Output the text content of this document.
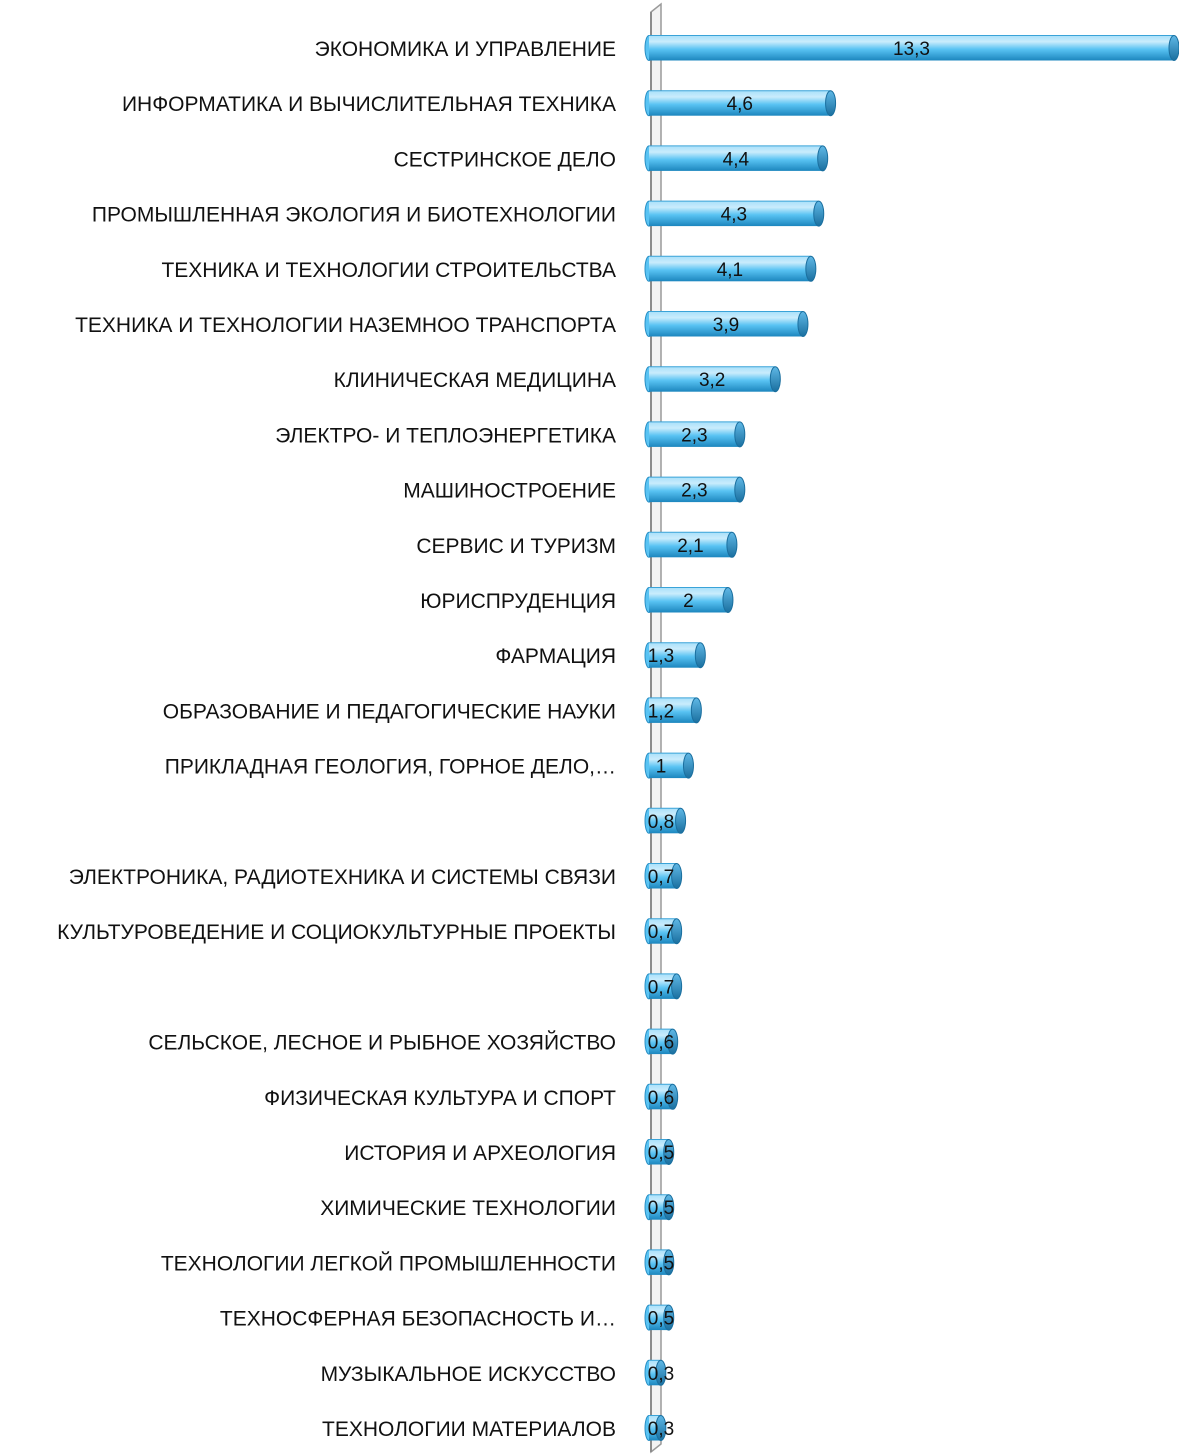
13,3
4,6
4,4
4,3
4,1
3,9
3,2
2,3
2,3
2,1
2
1,3
1,2
1
0,8
0,7
0,7
0,7
0,6
0,6
0,5
0,5
0,5
0,5
0,3
0,3
ЭКОНОМИКА И УПРАВЛЕНИЕ
ИНФОРМАТИКА И ВЫЧИСЛИТЕЛЬНАЯ ТЕХНИКА
СЕСТРИНСКОЕ ДЕЛО
ПРОМЫШЛЕННАЯ ЭКОЛОГИЯ И БИОТЕХНОЛОГИИ
ТЕХНИКА И ТЕХНОЛОГИИ СТРОИТЕЛЬСТВА
ТЕХНИКА И ТЕХНОЛОГИИ НАЗЕМНОО ТРАНСПОРТА
КЛИНИЧЕСКАЯ МЕДИЦИНА
ЭЛЕКТРО- И ТЕПЛОЭНЕРГЕТИКА
МАШИНОСТРОЕНИЕ
СЕРВИС И ТУРИЗМ
ЮРИСПРУДЕНЦИЯ
ФАРМАЦИЯ
ОБРАЗОВАНИЕ И ПЕДАГОГИЧЕСКИЕ НАУКИ
ПРИКЛАДНАЯ ГЕОЛОГИЯ, ГОРНОЕ ДЕЛО,…
ЭЛЕКТРОНИКА, РАДИОТЕХНИКА И СИСТЕМЫ СВЯЗИ
КУЛЬТУРОВЕДЕНИЕ И СОЦИОКУЛЬТУРНЫЕ ПРОЕКТЫ
СЕЛЬСКОЕ, ЛЕСНОЕ И РЫБНОЕ ХОЗЯЙСТВО
ФИЗИЧЕСКАЯ КУЛЬТУРА И СПОРТ
ИСТОРИЯ И АРХЕОЛОГИЯ
ХИМИЧЕСКИЕ ТЕХНОЛОГИИ
ТЕХНОЛОГИИ ЛЕГКОЙ ПРОМЫШЛЕННОСТИ
ТЕХНОСФЕРНАЯ БЕЗОПАСНОСТЬ И…
МУЗЫКАЛЬНОЕ ИСКУССТВО
ТЕХНОЛОГИИ МАТЕРИАЛОВ
